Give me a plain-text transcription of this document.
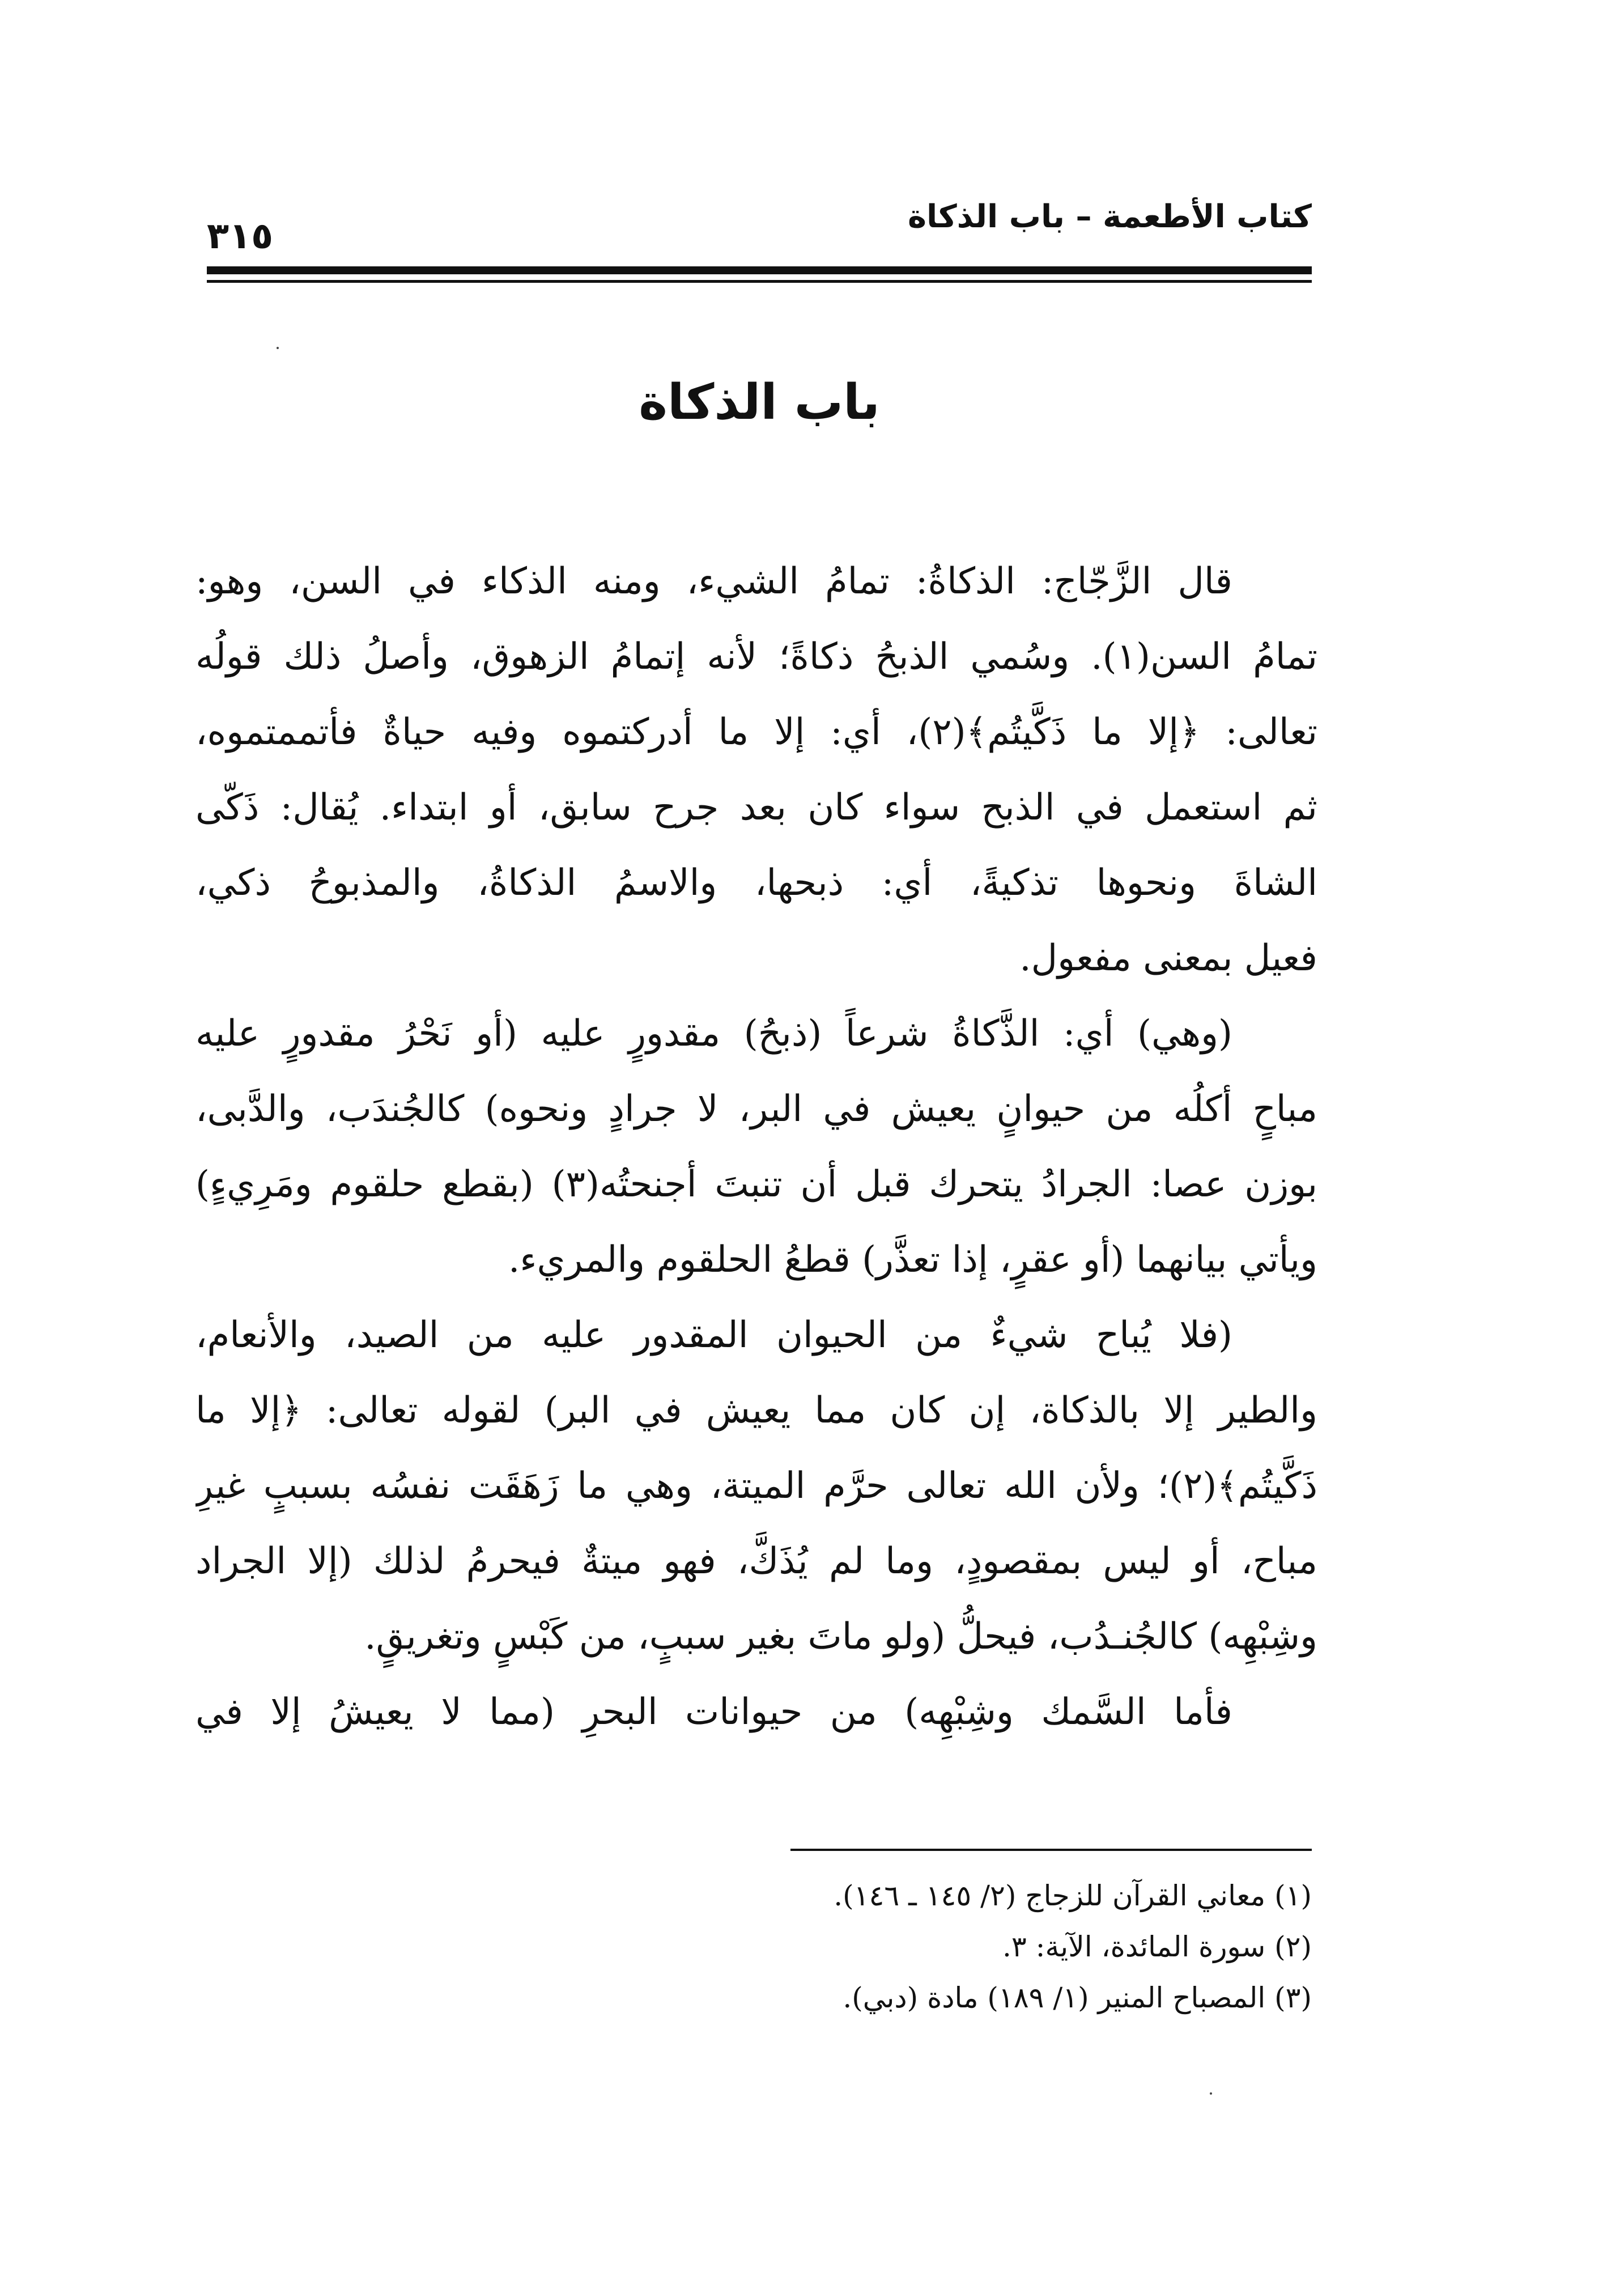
كتاب الأطعمة – باب الذكاة
٣١٥
باب الذكاة
قال الزَّجّاج: الذكاةُ: تمامُ الشيء، ومنه الذكاء في السن، وهو:
تمامُ السن(١). وسُمي الذبحُ ذكاةً؛ لأنه إتمامُ الزهوق، وأصلُ ذلك قولُه
تعالى: ﴿إلا ما ذَكَّيتُم﴾(٢)، أي: إلا ما أدركتموه وفيه حياةٌ فأتممتموه،
ثم استعمل في الذبح سواء كان بعد جرح سابق، أو ابتداء. يُقال: ذَكّى
الشاةَ ونحوها تذكيةً، أي: ذبحها، والاسمُ الذكاةُ، والمذبوحُ ذكي،
فعيل بمعنى مفعول.
(وهي) أي: الذَّكاةُ شرعاً (ذبحُ) مقدورٍ عليه (أو نَحْرُ مقدورٍ عليه
مباحٍ أكلُه من حيوانٍ يعيش في البر، لا جرادٍ ونحوه) كالجُندَب، والدَّبى،
بوزن عصا: الجرادُ يتحرك قبل أن تنبتَ أجنحتُه(٣) (بقطع حلقوم ومَرِيءٍ)
ويأتي بيانهما (أو عقرٍ، إذا تعذَّر) قطعُ الحلقوم والمريء.
(فلا يُباح شيءٌ من الحيوان المقدور عليه من الصيد، والأنعام،
والطير إلا بالذكاة، إن كان مما يعيش في البر) لقوله تعالى: ﴿إلا ما
ذَكَّيتُم﴾(٢)؛ ولأن الله تعالى حرَّم الميتة، وهي ما زَهَقَت نفسُه بسببٍ غيرِ
مباح، أو ليس بمقصودٍ، وما لم يُذَكَّ، فهو ميتةٌ فيحرمُ لذلك (إلا الجراد
وشِبْهِه) كالجُنـدُب، فيحلُّ (ولو ماتَ بغير سببٍ، من كَبْسٍ وتغريقٍ.
فأما السَّمك وشِبْهِه) من حيوانات البحرِ (مما لا يعيشُ إلا في
(١) معاني القرآن للزجاج (٢/ ١٤٥ ـ ١٤٦).
(٢) سورة المائدة، الآية: ٣.
(٣) المصباح المنير (١/ ١٨٩) مادة (دبي).
